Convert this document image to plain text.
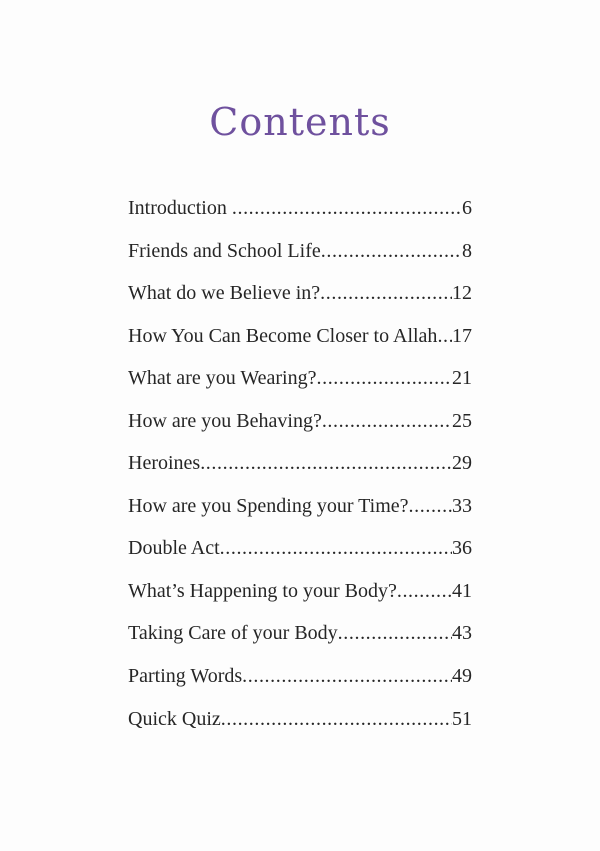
Contents
Introduction .....	6
Friends and School Life .....	8
What do we Believe in? .....	12
How You Can Become Closer to Allah ..... 17
What are you Wearing? .....	21
How are you Behaving? .....	25
Heroines .....	29
How are you Spending your Time? ..... 33
Double Act .....	36
What’s Happening to your Body? .....	41
Taking Care of your Body .....	43
Parting Words .....	49
Quick Quiz .....	51
